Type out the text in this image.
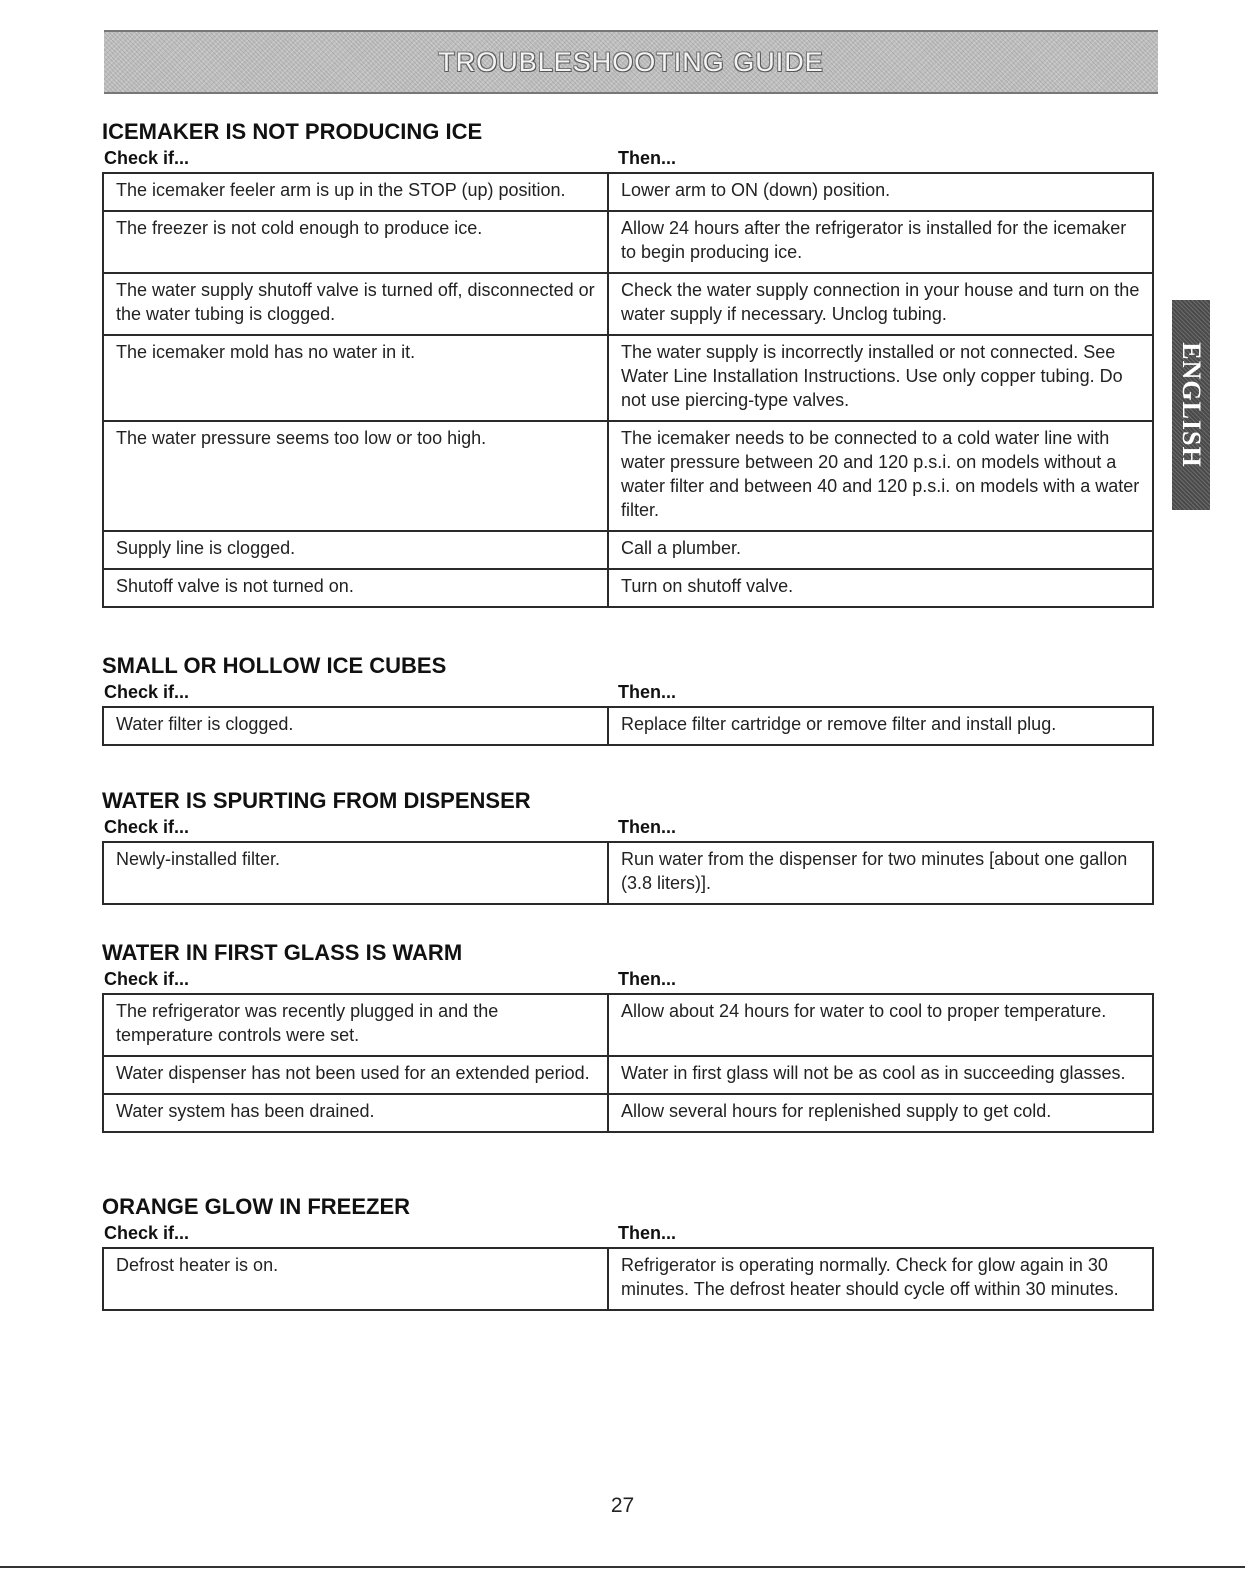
TROUBLESHOOTING GUIDE
ENGLISH
ICEMAKER IS NOT PRODUCING ICE
Check if...	Then...
The icemaker feeler arm is up in the STOP (up) position.	Lower arm to ON (down) position.
The freezer is not cold enough to produce ice.	Allow 24 hours after the refrigerator is installed for the icemaker to begin producing ice.
The water supply shutoff valve is turned off, disconnected or the water tubing is clogged.	Check the water supply connection in your house and turn on the water supply if necessary. Unclog tubing.
The icemaker mold has no water in it.	The water supply is incorrectly installed or not connected. See Water Line Installation Instructions. Use only copper tubing. Do not use piercing-type valves.
The water pressure seems too low or too high.	The icemaker needs to be connected to a cold water line with water pressure between 20 and 120 p.s.i. on models without a water filter and between 40 and 120 p.s.i. on models with a water filter.
Supply line is clogged.	Call a plumber.
Shutoff valve is not turned on.	Turn on shutoff valve.
SMALL OR HOLLOW ICE CUBES
Check if...	Then...
Water filter is clogged.	Replace filter cartridge or remove filter and install plug.
WATER IS SPURTING FROM DISPENSER
Check if...	Then...
Newly-installed filter.	Run water from the dispenser for two minutes [about one gallon (3.8 liters)].
WATER IN FIRST GLASS IS WARM
Check if...	Then...
The refrigerator was recently plugged in and the temperature controls were set.	Allow about 24 hours for water to cool to proper temperature.
Water dispenser has not been used for an extended period.	Water in first glass will not be as cool as in succeeding glasses.
Water system has been drained.	Allow several hours for replenished supply to get cold.
ORANGE GLOW IN FREEZER
Check if...	Then...
Defrost heater is on.	Refrigerator is operating normally. Check for glow again in 30 minutes. The defrost heater should cycle off within 30 minutes.
27
